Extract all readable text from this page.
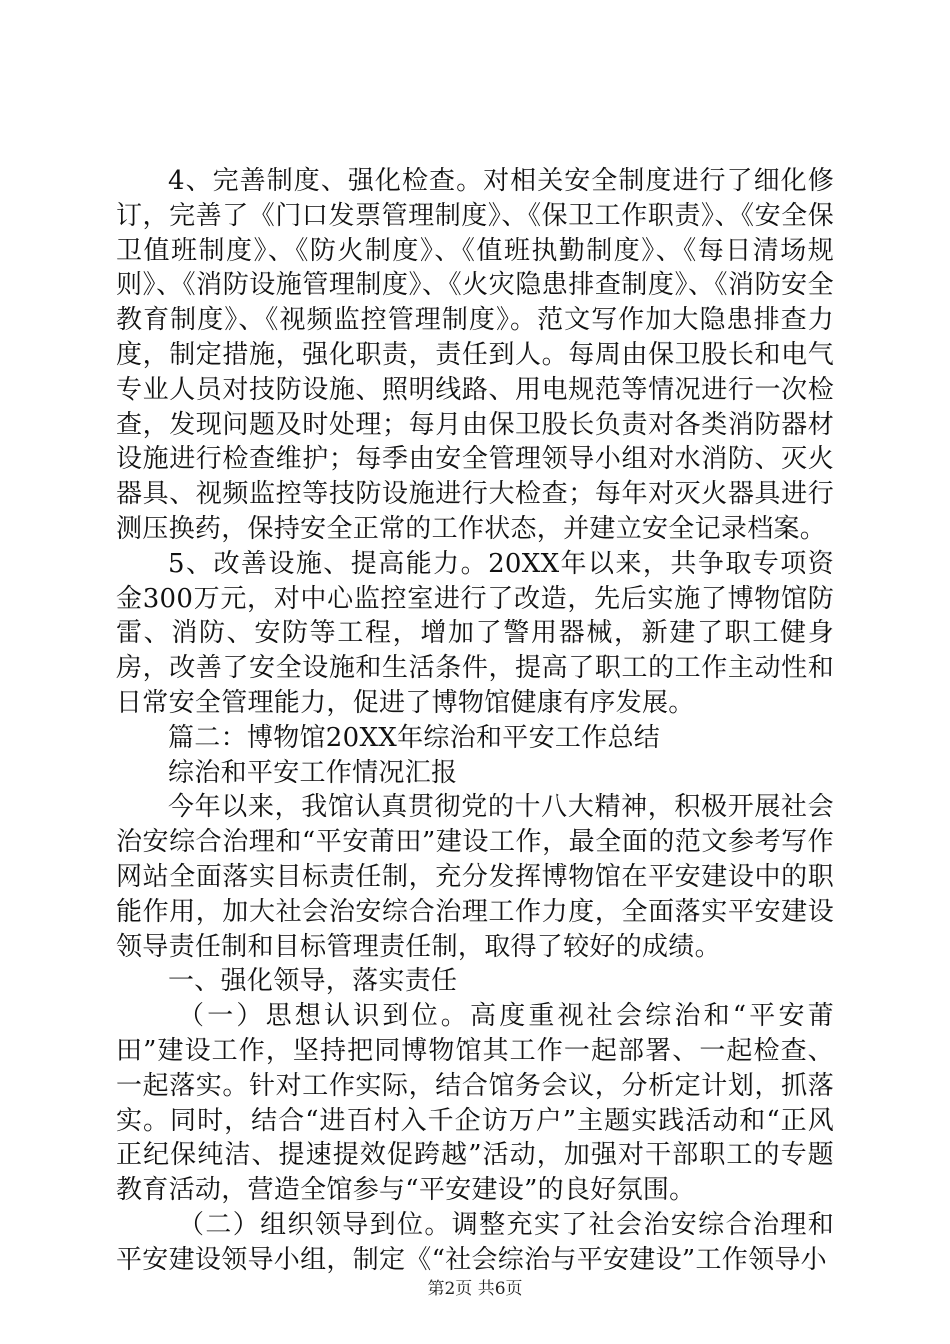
4、完善制度、强化检查。对相关安全制度进行了细化修订，完善了《门口发票管理制度》、《保卫工作职责》、《安全保卫值班制度》、《防火制度》、《值班执勤制度》、《每日清场规则》、《消防设施管理制度》、《火灾隐患排查制度》、《消防安全教育制度》、《视频监控管理制度》。范文写作加大隐患排查力度，制定措施，强化职责，责任到人。每周由保卫股长和电气专业人员对技防设施、照明线路、用电规范等情况进行一次检查，发现问题及时处理；每月由保卫股长负责对各类消防器材设施进行检查维护；每季由安全管理领导小组对水消防、灭火器具、视频监控等技防设施进行大检查；每年对灭火器具进行测压换药，保持安全正常的工作状态，并建立安全记录档案。

5、改善设施、提高能力。20XX年以来，共争取专项资金300万元，对中心监控室进行了改造，先后实施了博物馆防雷、消防、安防等工程，增加了警用器械，新建了职工健身房，改善了安全设施和生活条件，提高了职工的工作主动性和日常安全管理能力，促进了博物馆健康有序发展。

篇二：博物馆20XX年综治和平安工作总结

综治和平安工作情况汇报

今年以来，我馆认真贯彻党的十八大精神，积极开展社会治安综合治理和“平安莆田”建设工作，最全面的范文参考写作网站全面落实目标责任制，充分发挥博物馆在平安建设中的职能作用，加大社会治安综合治理工作力度，全面落实平安建设领导责任制和目标管理责任制，取得了较好的成绩。

一、强化领导，落实责任

（一）思想认识到位。高度重视社会综治和“平安莆田”建设工作，坚持把同博物馆其工作一起部署、一起检查、一起落实。针对工作实际，结合馆务会议，分析定计划，抓落实。同时，结合“进百村入千企访万户”主题实践活动和“正风正纪保纯洁、提速提效促跨越”活动，加强对干部职工的专题教育活动，营造全馆参与“平安建设”的良好氛围。

（二）组织领导到位。调整充实了社会治安综合治理和平安建设领导小组，制定《“社会综治与平安建设”工作领导小

第2页 共6页
